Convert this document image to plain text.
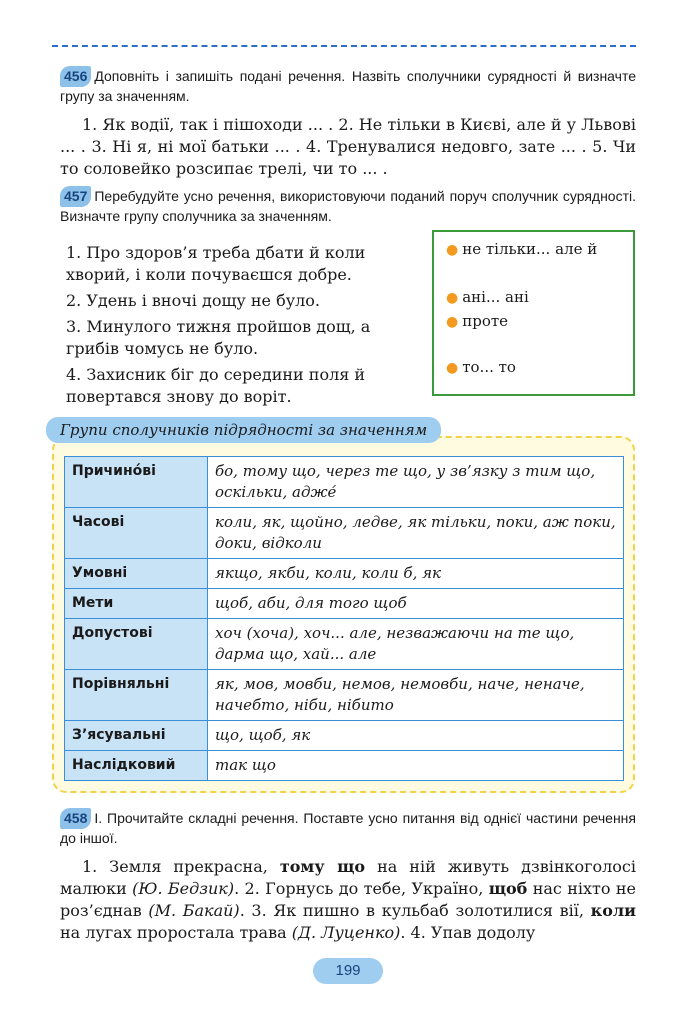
456 Доповніть і запишіть подані речення. Назвіть сполучники сурядності й визначте групу за значенням.
1. Як водії, так і пішоходи ... . 2. Не тільки в Києві, але й у Львові ... . 3. Ні я, ні мої батьки ... . 4. Тренувалися недовго, зате ... . 5. Чи то соловейко розсипає трелі, чи то ... .
457 Перебудуйте усно речення, використовуючи поданий поруч сполучник сурядності. Визначте групу сполучника за значенням.

1. Про здоров’я треба дбати й коли хворий, і коли почуваєшся добре.

2. Удень і вночі дощу не було.

3. Минулого тижня пройшов дощ, а грибів чомусь не було.

4. Захисник біг до середини поля й повертався знову до воріт.

● не тільки... але й
● ані... ані
● проте
● то... то
Групи сполучників підрядності за значенням
Причино́ві	бо, тому що, через те що, у зв’язку з тим що, оскільки, адже́
Часові	коли, як, щойно, ледве, як тільки, поки, аж поки, доки, відколи
Умовні	якщо, якби, коли, коли б, як
Мети	щоб, аби, для того щоб
Допустові	хоч (хоча), хоч... але, незважаючи на те що, дарма що, хай... але
Порівняльні	як, мов, мовби, немов, немовби, наче, неначе, начебто, ніби, нібито
З’ясувальні	що, щоб, як
Наслідковий	так що
458 І. Прочитайте складні речення. Поставте усно питання від однієї частини речення до іншої.
1. Земля прекрасна, тому що на ній живуть дзвінкоголосі малюки (Ю. Бедзик). 2. Горнусь до тебе, Україно, щоб нас ніхто не роз’єднав (М. Бакай). 3. Як пишно в кульбаб золотилися вії, коли на лугах проростала трава (Д. Луценко). 4. Упав додолу
199
